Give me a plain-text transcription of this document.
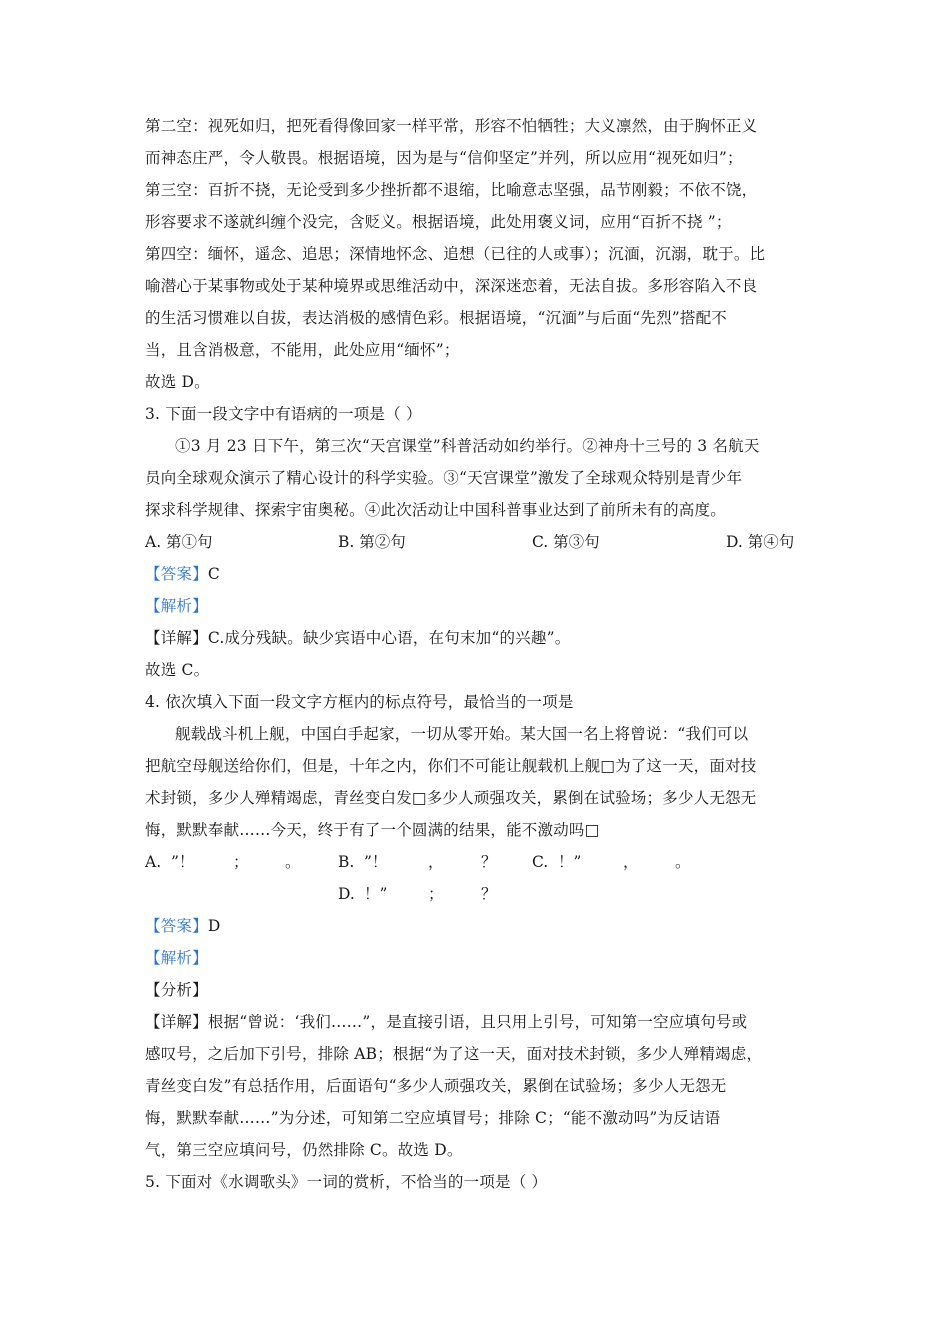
第二空：视死如归，把死看得像回家一样平常，形容不怕牺牲；大义凛然，由于胸怀正义
而神态庄严，令人敬畏。根据语境，因为是与“信仰坚定”并列，所以应用“视死如归”；
第三空：百折不挠，无论受到多少挫折都不退缩，比喻意志坚强，品节刚毅；不依不饶，
形容要求不遂就纠缠个没完，含贬义。根据语境，此处用褒义词，应用“百折不挠 ”；
第四空：缅怀，遥念、追思；深情地怀念、追想（已往的人或事）；沉湎，沉溺，耽于。比
喻潜心于某事物或处于某种境界或思维活动中，深深迷恋着，无法自拔。多形容陷入不良
的生活习惯难以自拔，表达消极的感情色彩。根据语境，“沉湎”与后面“先烈”搭配不
当，且含消极意，不能用，此处应用“缅怀”；
故选 D。
3. 下面一段文字中有语病的一项是（ ）
①3 月 23 日下午，第三次“天宫课堂”科普活动如约举行。②神舟十三号的 3 名航天
员向全球观众演示了精心设计的科学实验。③“天宫课堂”激发了全球观众特别是青少年
探求科学规律、探索宇宙奥秘。④此次活动让中国科普事业达到了前所未有的高度。
A. 第①句	B. 第②句	C. 第③句	D. 第④句
【答案】C
【解析】
【详解】C.成分残缺。缺少宾语中心语，在句末加“的兴趣”。
故选 C。
4. 依次填入下面一段文字方框内的标点符号，最恰当的一项是
舰载战斗机上舰，中国白手起家，一切从零开始。某大国一名上将曾说：“我们可以
把航空母舰送给你们，但是，十年之内，你们不可能让舰载机上舰□为了这一天，面对技
术封锁，多少人殚精竭虑，青丝变白发□多少人顽强攻关，累倒在试验场；多少人无怨无
悔，默默奉献……今天，终于有了一个圆满的结果，能不激动吗□
A. ”！ ； 。 B. ”！	， ？ C. ！”	， 。
D. ！”	； ？
【答案】D
【解析】
【分析】
【详解】根据“曾说：‘我们……”，是直接引语，且只用上引号，可知第一空应填句号或
感叹号，之后加下引号，排除 AB；根据“为了这一天，面对技术封锁，多少人殚精竭虑，
青丝变白发”有总括作用，后面语句“多少人顽强攻关，累倒在试验场；多少人无怨无
悔，默默奉献……”为分述，可知第二空应填冒号；排除 C；“能不激动吗”为反诘语
气，第三空应填问号，仍然排除 C。故选 D。
5. 下面对《水调歌头》一词的赏析，不恰当的一项是（ ）
